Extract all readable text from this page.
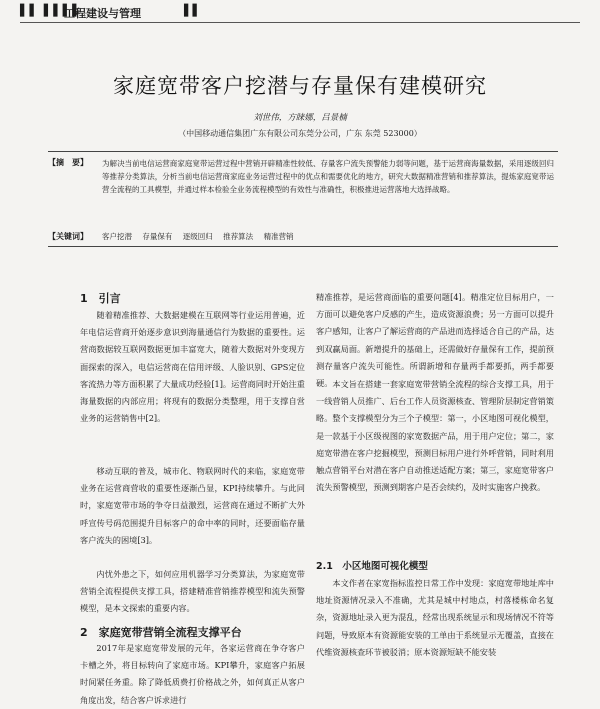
▌▌ ▌▌▌▌
工程建设与管理	▌▌
家庭宽带客户挖潜与存量保有建模研究
刘世伟，方睐娜，吕景楠
（中国移动通信集团广东有限公司东莞分公司，广东 东莞 523000）
【摘　要】 为解决当前电信运营商家庭宽带运营过程中营销开辟精准性较低、存量客户流失预警能力弱等问题，基于运营商海量数据，采用逐级回归等推荐分类算法，分析当前电信运营商家庭业务运营过程中的优点和需要优化的地方，研究大数据精准营销和推荐算法，提炼家庭宽带运营全流程的工具模型，并通过样本检验全业务流程模型的有效性与准确性，积极推进运营落地大选择战略。
【关键词】 客户挖潜 存量保有 逐级回归 推荐算法 精准营销
1　引言
随着精准推荐、大数据建模在互联网等行业运用普遍，近年电信运营商开始逐步意识到海量通信行为数据的重要性。运营商数据较互联网数据更加丰富宽大，随着大数据对外变现方面探索的深入，电信运营商在信用评级、人脸识别、GPS定位客流热力等方面积累了大量成功经验[1]。运营商同时开始注重海量数据的内部应用；将现有的数据分类整理，用于支撑自営业务的运营销售中[2]。
移动互联的普及，城市化、物联网时代的来临，家庭宽带业务在运营商营收的重要性逐渐凸显，KPI持续攀升。与此同时，家庭宽带市场的争夺日益激烈，运营商在通过不断扩大外呼宣传号码范围提升目标客户的命中率的同时，还要面临存量客户流失的困境[3]。
内忧外患之下，如何应用机器学习分类算法，为家庭宽带营销全流程提供支撑工具，搭建精准营销推荐模型和流失预警模型，是本文探索的重要内容。
2　家庭宽带营销全流程支撑平台
2017年是家庭宽带发展的元年，各家运营商在争夺客户卡槽之外，将目标转向了家庭市场。KPI攀升，家庭客户拓展时间紧任务重。除了降低质费打价格战之外，如何真正从客户角度出发，结合客户诉求进行
精准推荐，是运营商面临的重要问题[4]。精准定位目标用户，一方面可以避免客户反感的产生，造成资源浪费；另一方面可以提升客户感知，让客户了解运营商的产品进而选择适合自己的产品，达到双赢局面。新增提升的基础上，还需做好存量保有工作，提前预测存量客户流失可能性。所谓新增和存量两手都要抓，两手都要硬。 本文旨在搭建一套家庭宽带营销全流程的综合支撑工具，用于一线营销人员推广、后台工作人员资源核查、管理阶层制定营销策略。整个支撑模型分为三个子模型：第一，小区地图可视化模型，是一款基于小区级视图的家宽数据产品，用于用户定位；第二，家庭宽带潜在客户挖掘模型，预测目标用户进行外呼营销，同时利用触点营销平台对潜在客户自动推送适配方案；第三，家庭宽带客户流失预警模型，预测到期客户是否会续约，及时实施客户挽救。
2.1　小区地图可视化模型
本文作者在家宽指标监控日常工作中发现：家庭宽带地址库中地址资源情况录入不准确，尤其是城中村地点，村落楼栋命名复杂，资源地址录入更为混乱，经常出现系统显示和现场情况不符等问题，导致原本有资源能安装的工单由于系统显示无覆盖，直接在代维资源核查环节被驳消；原本资源短缺不能安装
